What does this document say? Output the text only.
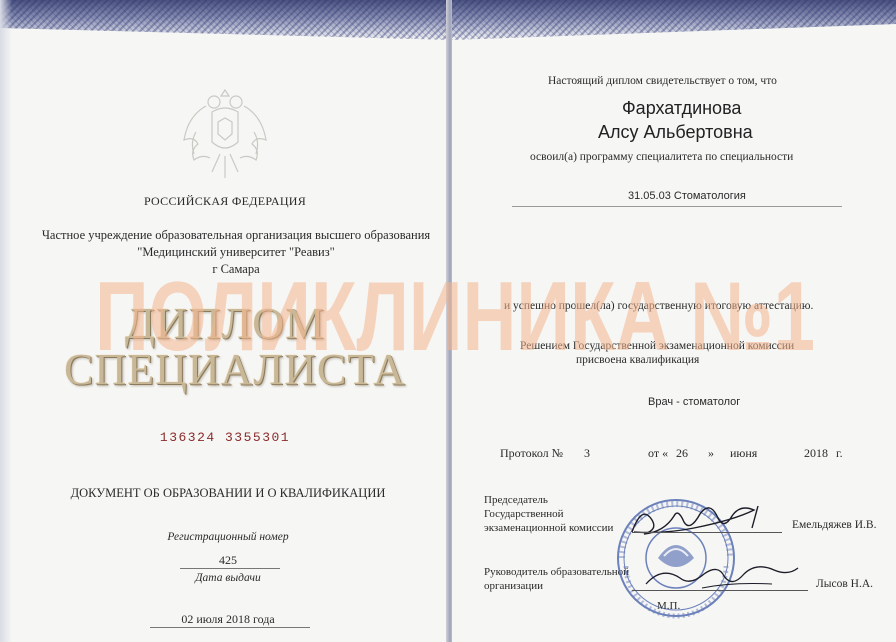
РОССИЙСКАЯ ФЕДЕРАЦИЯ
Частное учреждение образовательная организация высшего образования
"Медицинский университет "Реавиз"
г Самара
ДИПЛОМ
СПЕЦИАЛИСТА
136324 3355301
ДОКУМЕНТ ОБ ОБРАЗОВАНИИ И О КВАЛИФИКАЦИИ
Регистрационный номер
425
Дата выдачи
02 июля 2018 года
Настоящий диплом свидетельствует о том, что
Фархатдинова
Алсу Альбертовна
освоил(а) программу специалитета по специальности
31.05.03 Стоматология
и успешно прошел(ла) государственную итоговую аттестацию.
Решением Государственной экзаменационной комиссии
присвоена квалификация
Врач - стоматолог
Протокол № 3	от « 26 » июня	2018 г.
Председатель
Государственной
экзаменационной комиссии	Емельдяжев И.В.
Руководитель образовательной
организации	Лысов Н.А.
М.П.
ПОЛИКЛИНИКА №1
